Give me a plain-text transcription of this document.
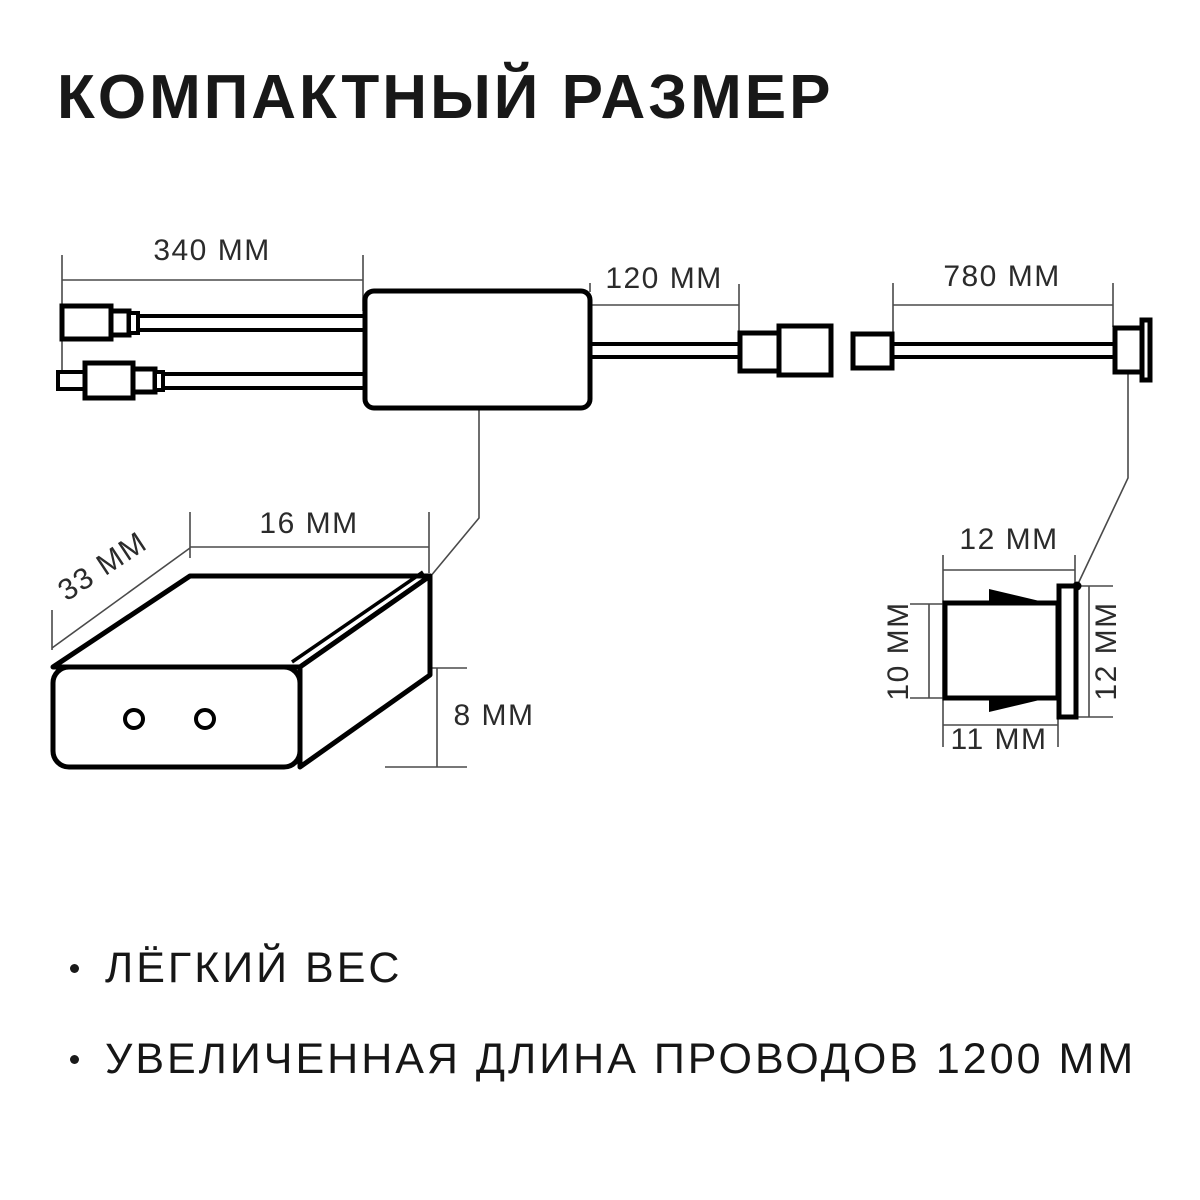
КОМПАКТНЫЙ РАЗМЕР
340 ММ
120 ММ	780 ММ
16 ММ
33 ММ
8 ММ
12 ММ
10 ММ
11 ММ
12 ММ
ЛЁГКИЙ ВЕС
УВЕЛИЧЕННАЯ ДЛИНА ПРОВОДОВ 1200 ММ
